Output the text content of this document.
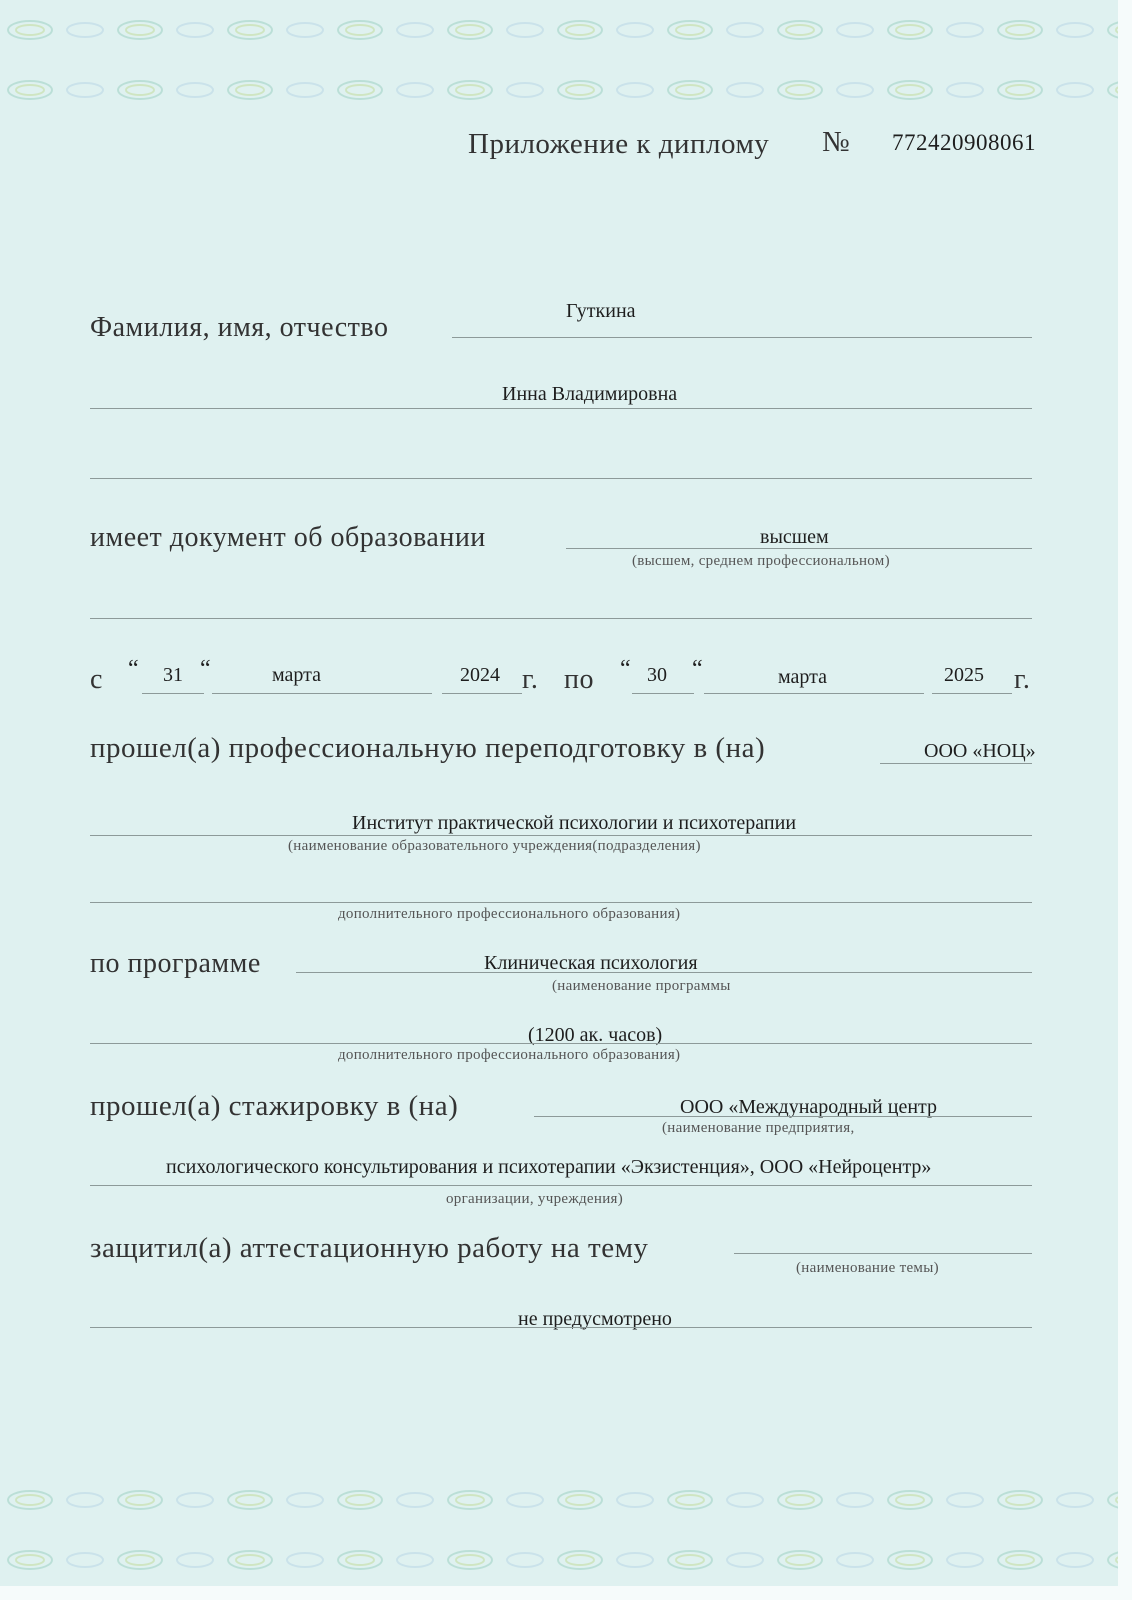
Приложение к диплому № 772420908061
Фамилия, имя, отчество
Гуткина
Инна Владимировна
имеет документ об образовании	высшем
(высшем, среднем профессиональном)
с “ 31 “	марта	2024 г. по “ 30 “	марта	2025 г.
прошел(а) профессиональную переподготовку в (на)	ООО «НОЦ»
Институт практической психологии и психотерапии
(наименование образовательного учреждения(подразделения)
дополнительного профессионального образования)
по программе	Клиническая психология
(наименование программы
(1200 ак. часов)
дополнительного профессионального образования)
прошел(а) стажировку в (на)	ООО «Международный центр
(наименование предприятия,
психологического консультирования и психотерапии «Экзистенция», ООО «Нейроцентр»
организации, учреждения)
защитил(а) аттестационную работу на тему
(наименование темы)
не предусмотрено
